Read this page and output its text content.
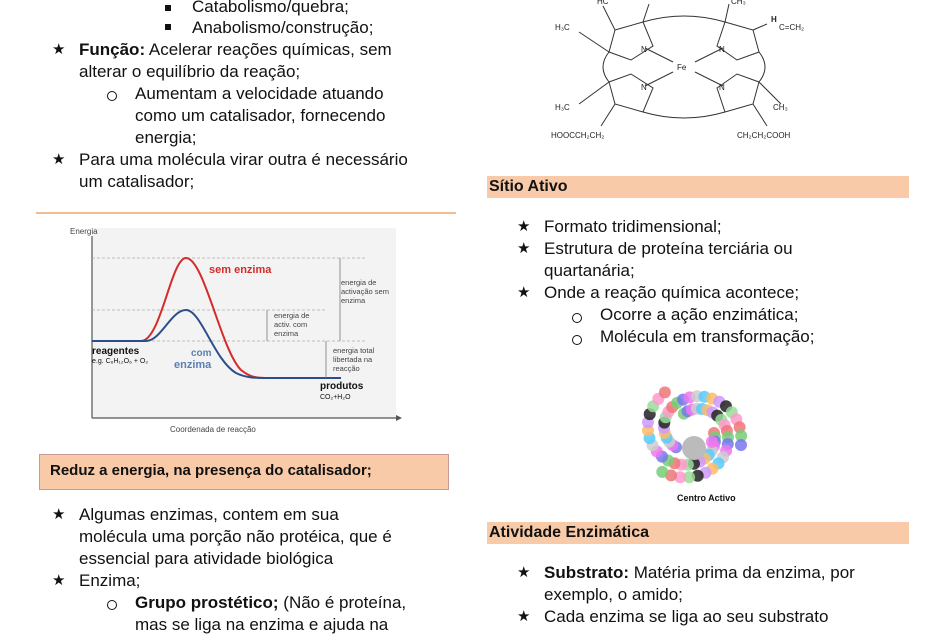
Catabolismo/quebra;
Anabolismo/construção;
★ Função: Acelerar reações químicas, sem
alterar o equilíbrio da reação;
Aumentam a velocidade atuando
como um catalisador, fornecendo
energia;
★ Para uma molécula virar outra é necessário
um catalisador;
Energia
Coordenada de reacção
sem enzima
com
enzima
reagentes
e.g. C₆H₁₂O₆ + O₂
produtos
CO₂+H₂O
energia de
activação sem
enzima
energia de
activ. com
enzima
energia total
libertada na
reacção
Reduz a energia, na presença do catalisador;
★ Algumas enzimas, contem em sua
molécula uma porção não protéica, que é
essencial para atividade biológica
★ Enzima;
Grupo prostético; (Não é proteína,
mas se liga na enzima e ajuda na
HC	CH₃
H
C=CH₂
H₃C
H₃C	CH₃
HOOCCH₂CH₂	CH₂CH₂COOH
Fe
N	N
N	N
Sítio Ativo
★ Formato tridimensional;
★ Estrutura de proteína terciária ou
quartanária;
★ Onde a reação química acontece;
Ocorre a ação enzimática;
Molécula em transformação;
Centro Activo
Atividade Enzimática
★ Substrato: Matéria prima da enzima, por
exemplo, o amido;
★ Cada enzima se liga ao seu substrato
